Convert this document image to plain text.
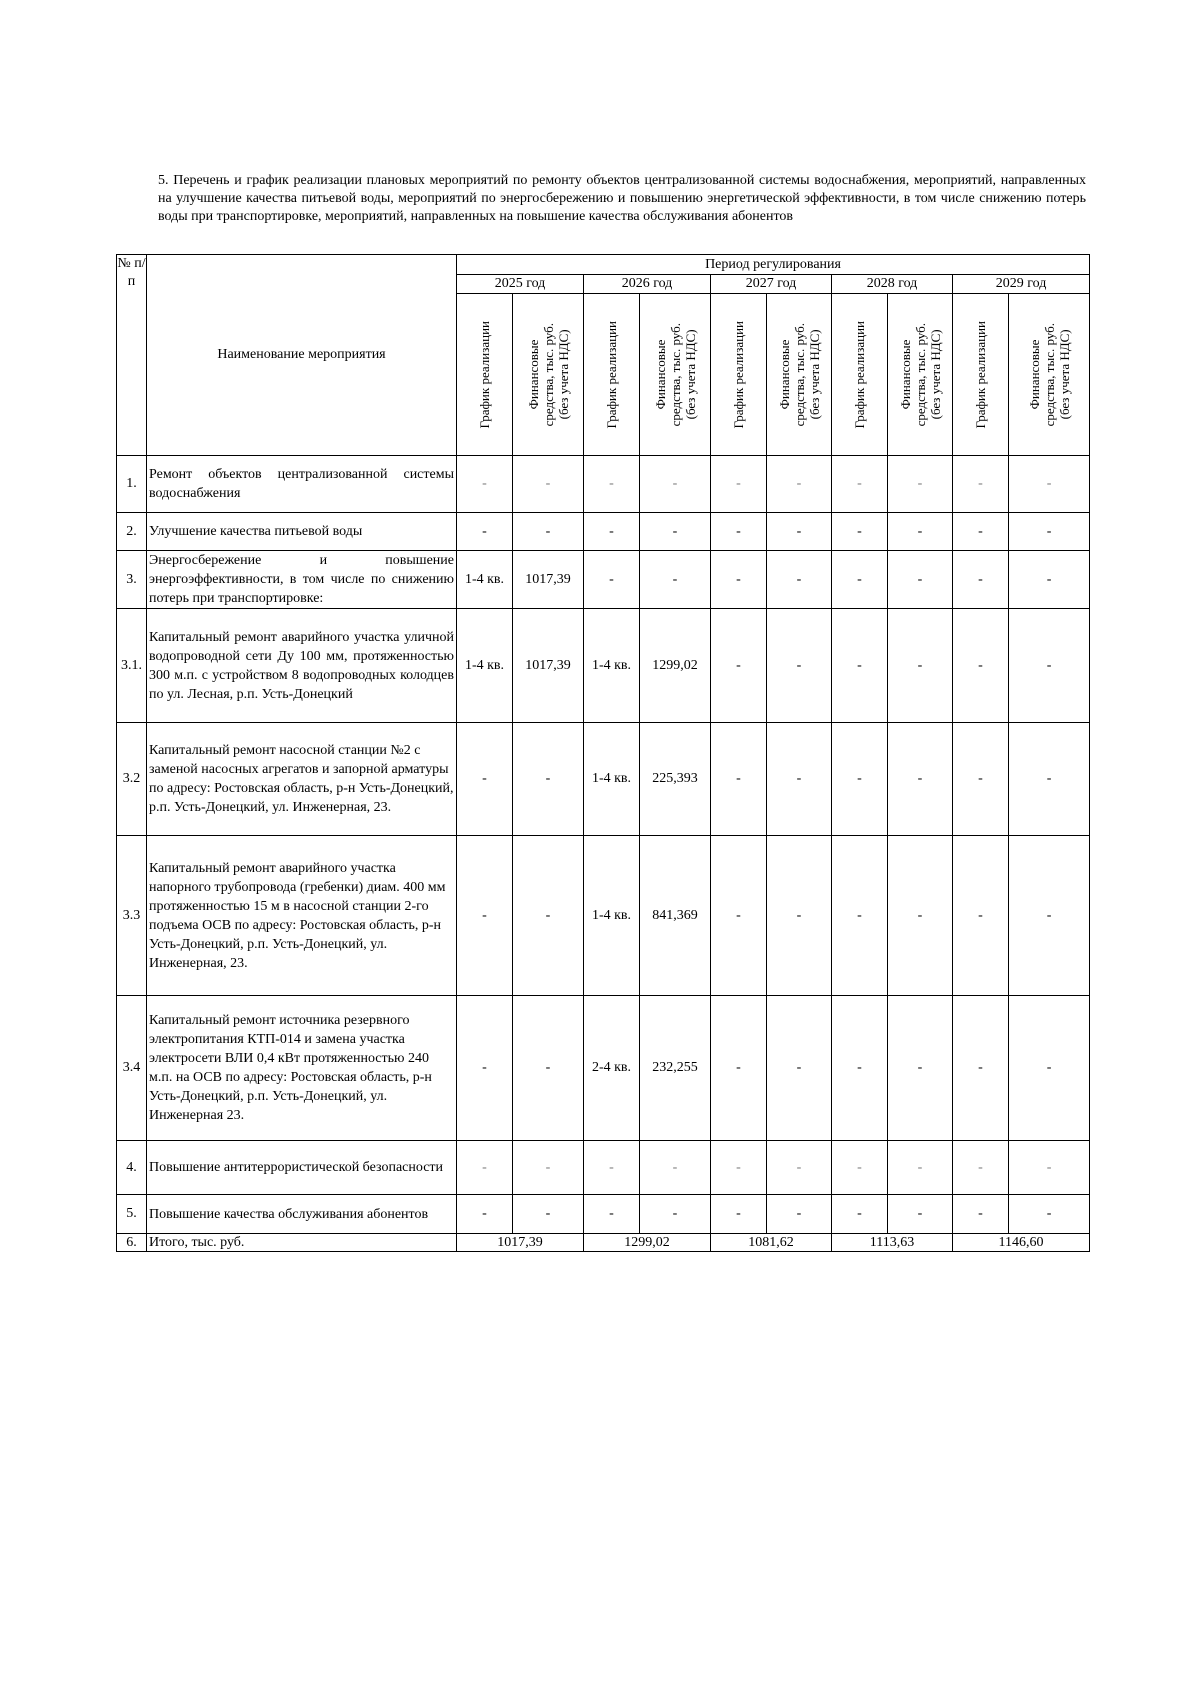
5. Перечень и график реализации плановых мероприятий по ремонту объектов централизованной системы водоснабжения, мероприятий, направленных на улучшение качества питьевой воды, мероприятий по энергосбережению и повышению энергетической эффективности, в том числе снижению потерь воды при транспортировке, мероприятий, направленных на повышение качества обслуживания абонентов
№ п/п	Наименование мероприятия	Период регулирования									
		2025 год		2026 год		2027 год		2028 год		2029 год	

		График реализации	Финансовые
средства, тыс. руб.
(без учета НДС)	График реализации	Финансовые
средства, тыс. руб.
(без учета НДС)	График реализации	Финансовые
средства, тыс. руб.
(без учета НДС)	График реализации	Финансовые
средства, тыс. руб.
(без учета НДС)	График реализации	Финансовые
средства, тыс. руб.
(без учета НДС)

1.	Ремонт объектов централизованной системы водоснабжения	-	-	-	-	-	-	-	-	-	-
2.	Улучшение качества питьевой воды	-	-	-	-	-	-	-	-	-	-
3.	Энергосбережение и повышение энергоэффективности, в том числе по снижению потерь при транспортировке:	1-4 кв.	1017,39	-	-	-	-	-	-	-	-
3.1.	Капитальный ремонт аварийного участка уличной водопроводной сети Ду 100 мм, протяженностью 300 м.п. с устройством 8 водопроводных колодцев по ул. Лесная, р.п. Усть-Донецкий	1-4 кв.	1017,39	1-4 кв.	1299,02	-	-	-	-	-	-
3.2	Капитальный ремонт насосной станции №2 с заменой насосных агрегатов и запорной арматуры по адресу: Ростовская область, р-н Усть-Донецкий, р.п. Усть-Донецкий, ул. Инженерная, 23.	-	-	1-4 кв.	225,393	-	-	-	-	-	-
3.3	Капитальный ремонт аварийного участка напорного трубопровода (гребенки) диам. 400 мм протяженностью 15 м в насосной станции 2-го подъема ОСВ по адресу: Ростовская область, р-н Усть-Донецкий, р.п. Усть-Донецкий, ул. Инженерная, 23.	-	-	1-4 кв.	841,369	-	-	-	-	-	-
3.4	Капитальный ремонт источника резервного электропитания КТП-014 и замена участка электросети ВЛИ 0,4 кВт протяженностью 240 м.п. на ОСВ по адресу: Ростовская область, р-н Усть-Донецкий, р.п. Усть-Донецкий, ул. Инженерная 23.	-	-	2-4 кв.	232,255	-	-	-	-	-	-
4.	Повышение антитеррористической безопасности	-	-	-	-	-	-	-	-	-	-
5.	Повышение качества обслуживания абонентов	-	-	-	-	-	-	-	-	-	-
6.	Итого, тыс. руб.	1017,39		1299,02		1081,62		1113,63		1146,60	
